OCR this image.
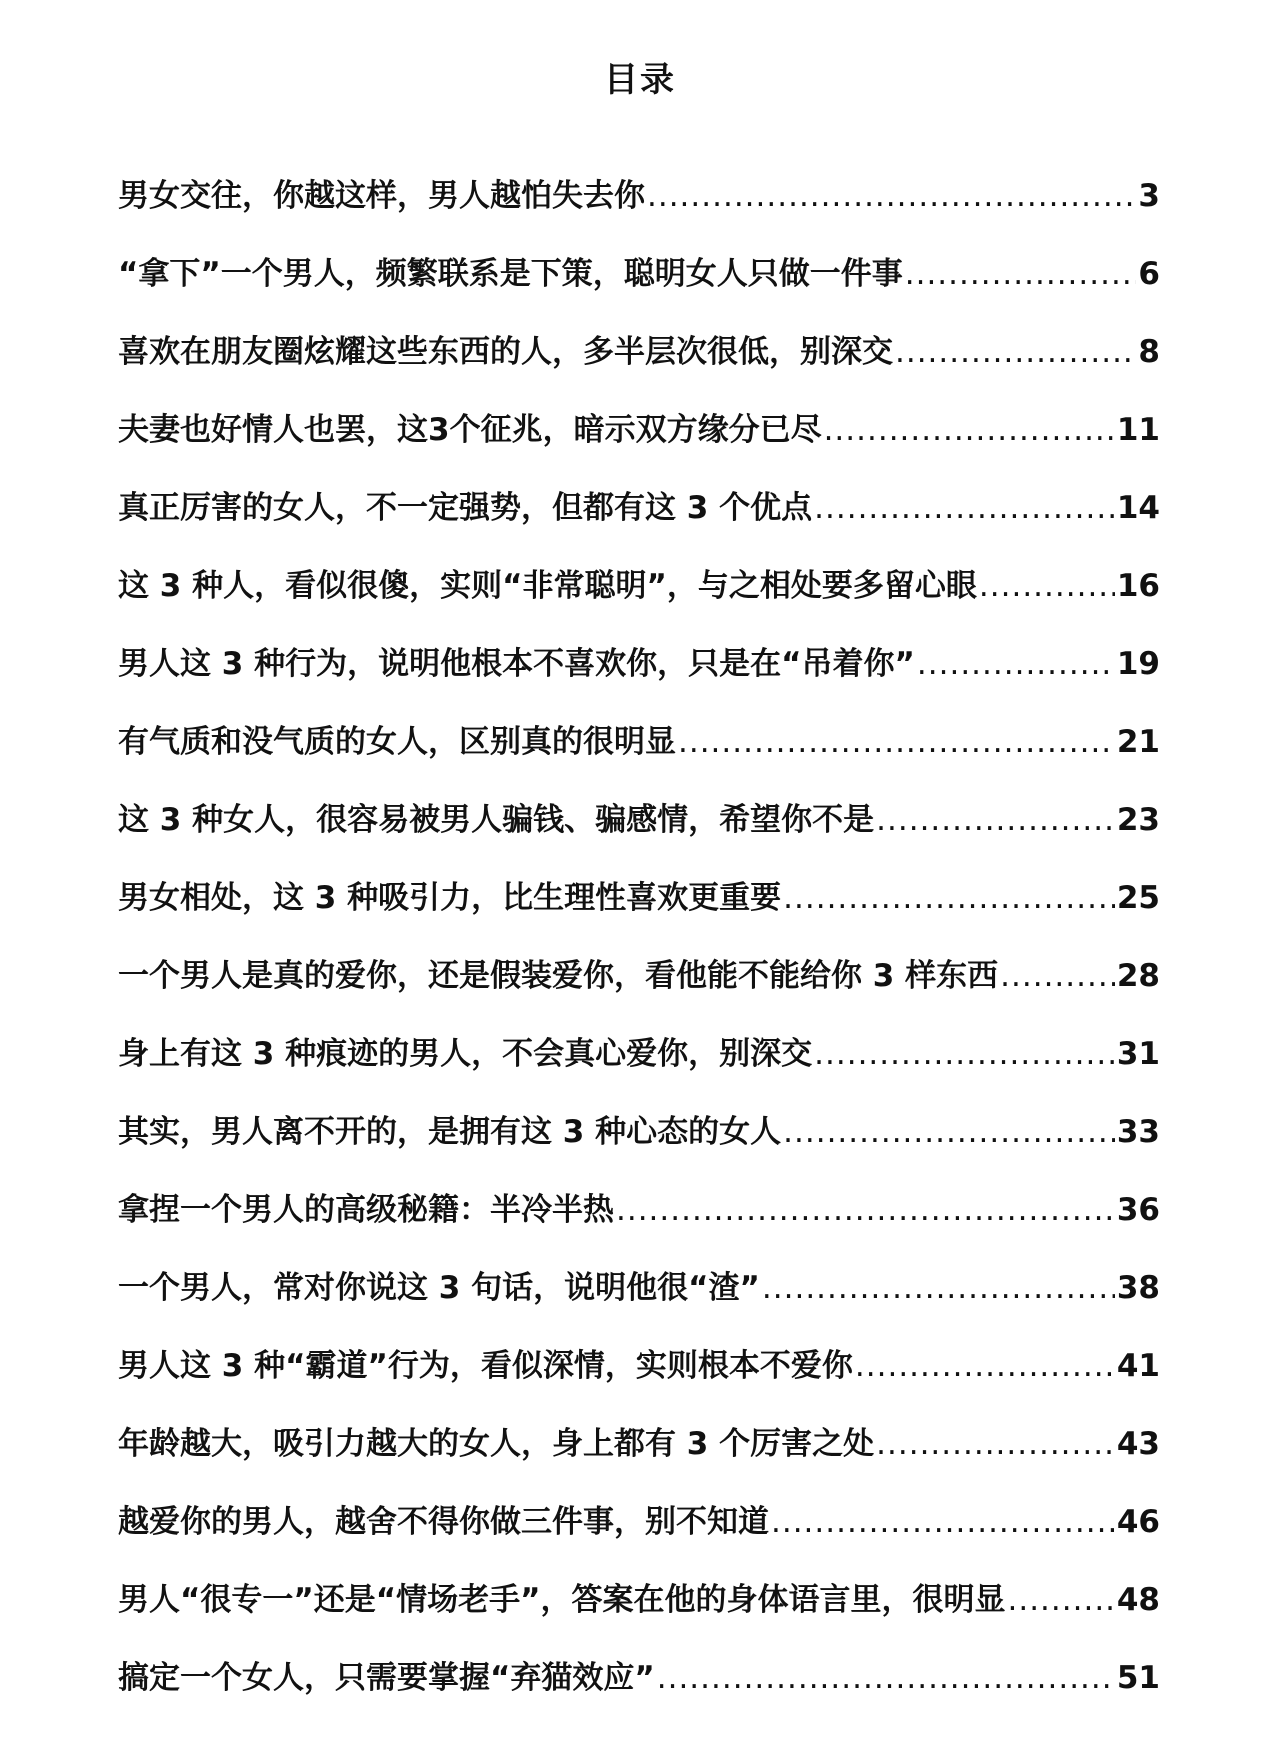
目录
男女交往，你越这样，男人越怕失去你 .....	3
“拿下”一个男人，频繁联系是下策，聪明女人只做一件事 .....	6
喜欢在朋友圈炫耀这些东西的人，多半层次很低，别深交 .....	8
夫妻也好情人也罢，这3个征兆，暗示双方缘分已尽 .....	11
真正厉害的女人，不一定强势，但都有这 3 个优点 .....	14
这 3 种人，看似很傻，实则“非常聪明”，与之相处要多留心眼 .....	16
男人这 3 种行为，说明他根本不喜欢你，只是在“吊着你” .....	19
有气质和没气质的女人，区别真的很明显 .....	21
这 3 种女人，很容易被男人骗钱、骗感情，希望你不是 .....	23
男女相处，这 3 种吸引力，比生理性喜欢更重要 .....	25
一个男人是真的爱你，还是假装爱你，看他能不能给你 3 样东西 .....	28
身上有这 3 种痕迹的男人，不会真心爱你，别深交 .....	31
其实，男人离不开的，是拥有这 3 种心态的女人 .....	33
拿捏一个男人的高级秘籍：半冷半热 .....	36
一个男人，常对你说这 3 句话，说明他很“渣” .....	38
男人这 3 种“霸道”行为，看似深情，实则根本不爱你 .....	41
年龄越大，吸引力越大的女人，身上都有 3 个厉害之处 .....	43
越爱你的男人，越舍不得你做三件事，别不知道 .....	46
男人“很专一”还是“情场老手”，答案在他的身体语言里，很明显 .....	48
搞定一个女人，只需要掌握“弃猫效应” .....	51
